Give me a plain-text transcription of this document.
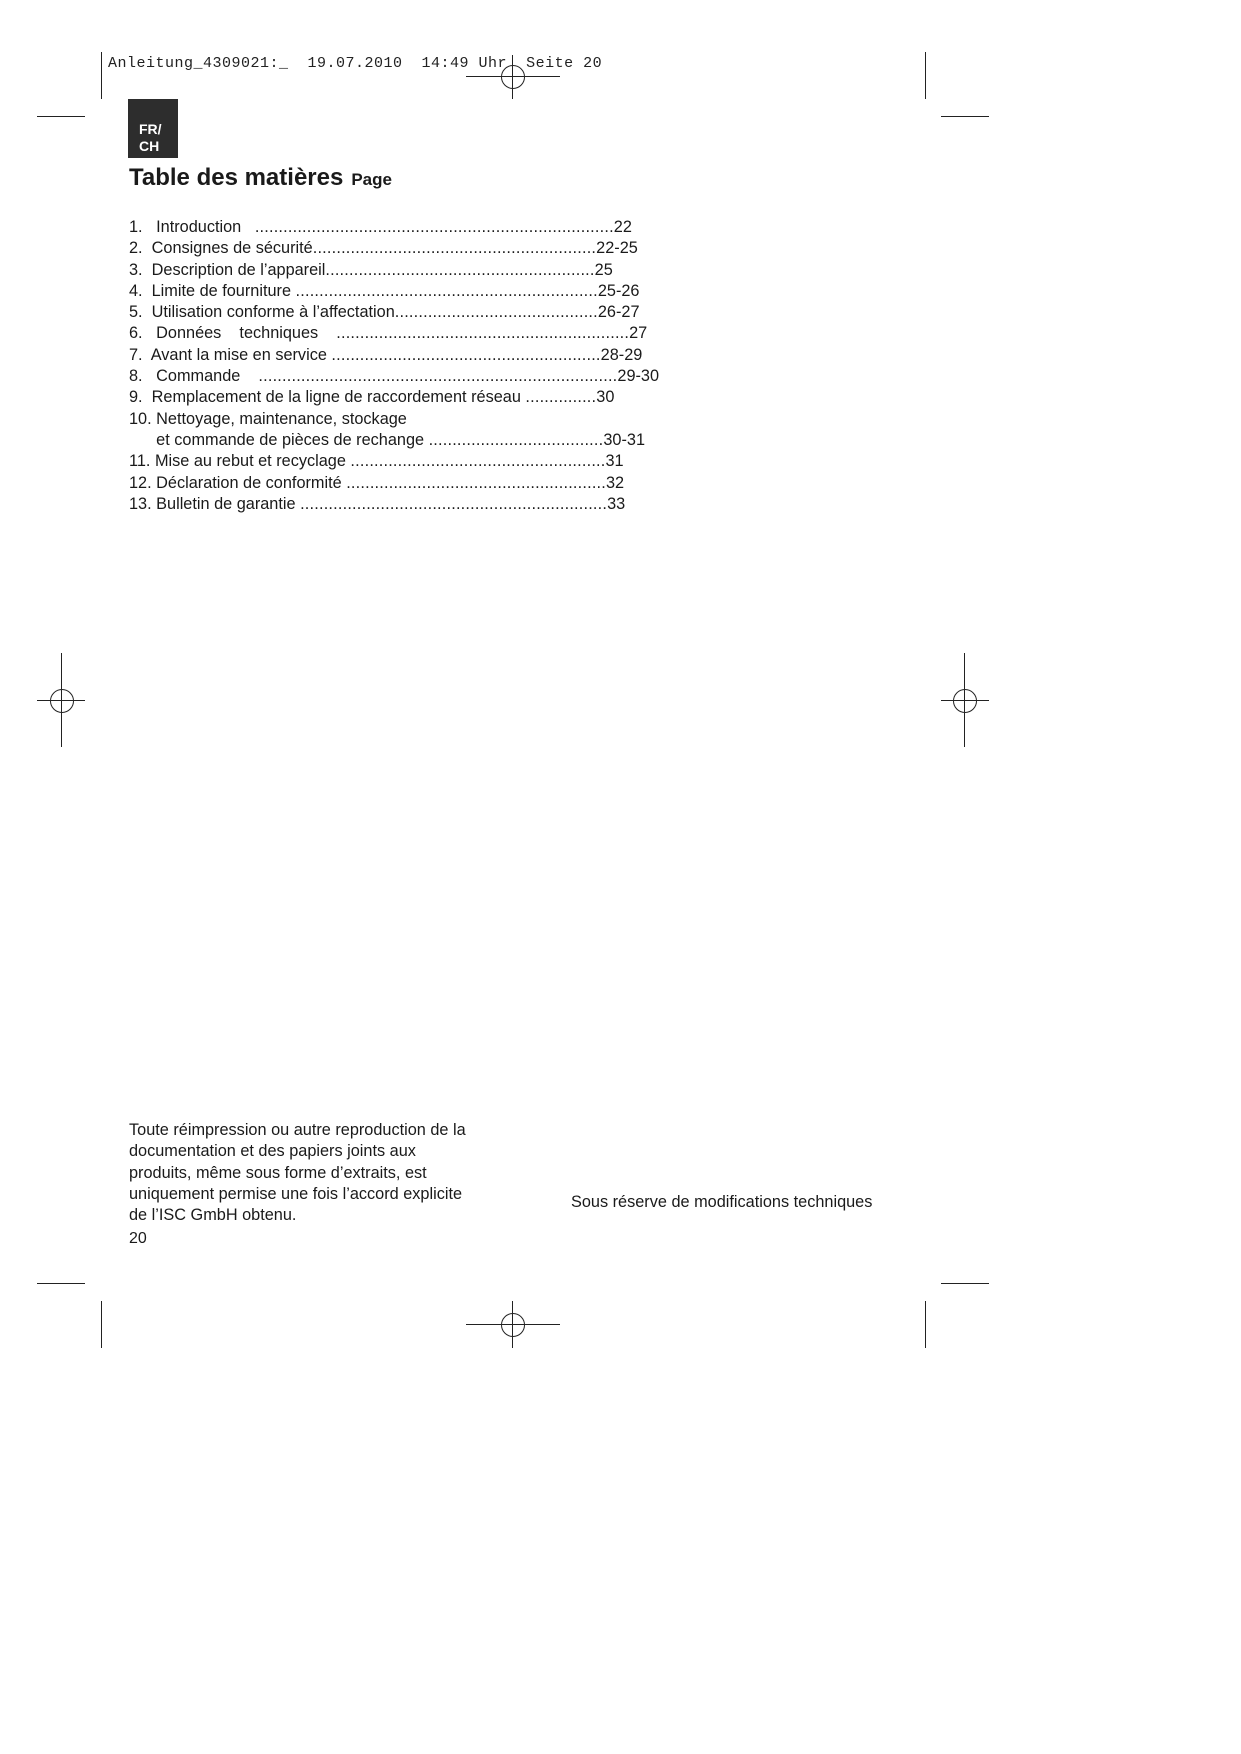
Anleitung_4309021:_  19.07.2010  14:49 Uhr  Seite 20
FR/
CH
Table des matières Page
1.   Introduction   ............................................................................22
2.  Consignes de sécurité............................................................22-25
3.  Description de l’appareil.........................................................25
4.  Limite de fourniture ................................................................25-26
5.  Utilisation conforme à l’affectation...........................................26-27
6.   Données    techniques    ..............................................................27
7.  Avant la mise en service .........................................................28-29
8.   Commande    ............................................................................29-30
9.  Remplacement de la ligne de raccordement réseau ...............30
10. Nettoyage, maintenance, stockage
et commande de pièces de rechange .....................................30-31
11. Mise au rebut et recyclage ......................................................31
12. Déclaration de conformité .......................................................32
13. Bulletin de garantie .................................................................33
Toute réimpression ou autre reproduction de la
documentation et des papiers joints aux
produits, même sous forme d’extraits, est
uniquement permise une fois l’accord explicite
de l’ISC GmbH obtenu.
Sous réserve de modifications techniques
20
